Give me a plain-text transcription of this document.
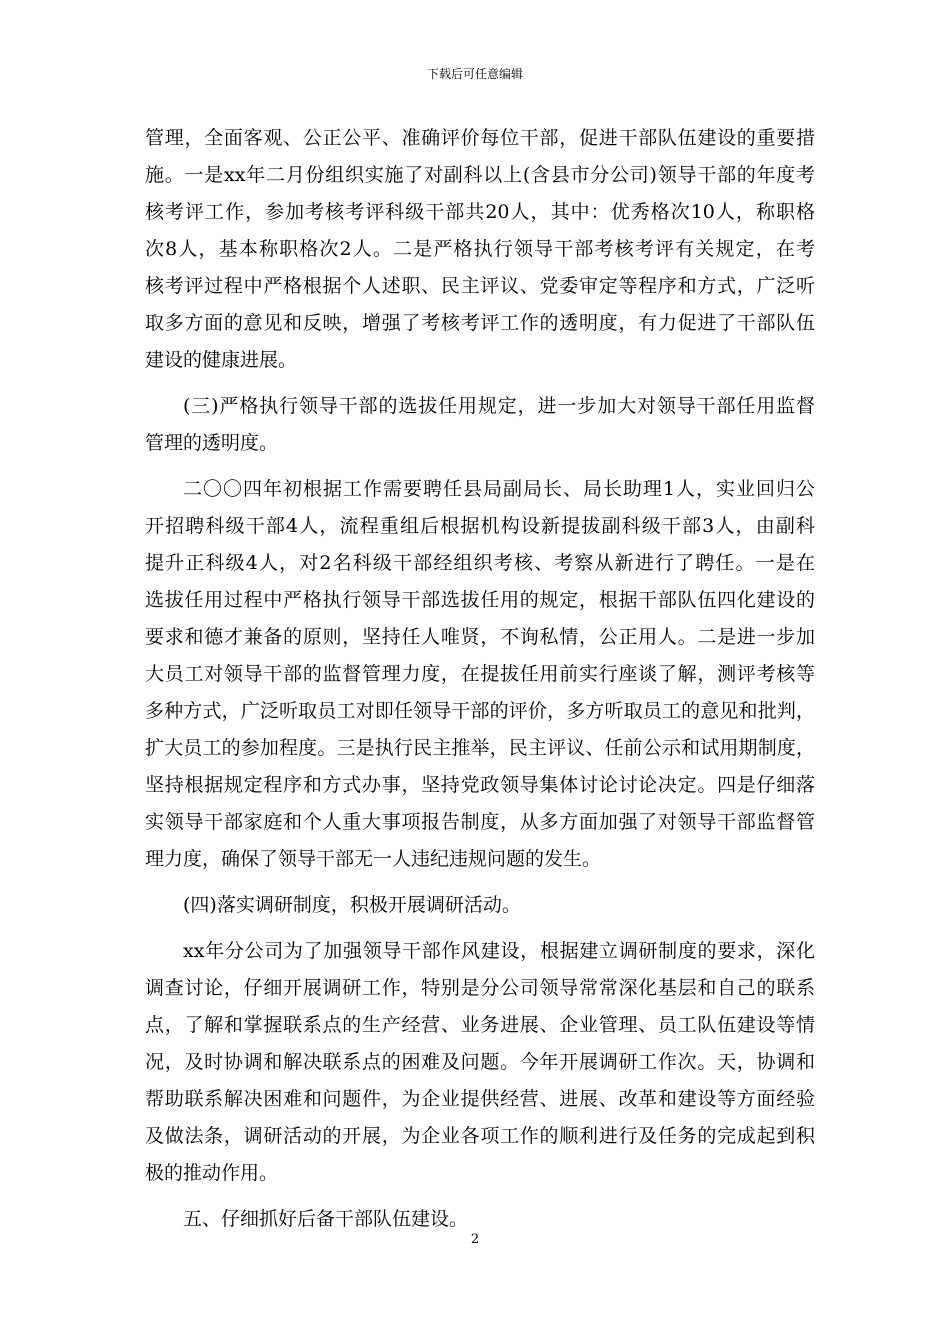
下载后可任意编辑
管理，全面客观、公正公平、准确评价每位干部，促进干部队伍建设的重要措
施。一是xx年二月份组织实施了对副科以上(含县市分公司)领导干部的年度考
核考评工作，参加考核考评科级干部共20人，其中：优秀格次10人，称职格
次8人，基本称职格次2人。二是严格执行领导干部考核考评有关规定，在考
核考评过程中严格根据个人述职、民主评议、党委审定等程序和方式，广泛听
取多方面的意见和反映，增强了考核考评工作的透明度，有力促进了干部队伍
建设的健康进展。
(三)严格执行领导干部的选拔任用规定，进一步加大对领导干部任用监督
管理的透明度。
二〇〇四年初根据工作需要聘任县局副局长、局长助理1人，实业回归公
开招聘科级干部4人，流程重组后根据机构设新提拔副科级干部3人，由副科
提升正科级4人，对2名科级干部经组织考核、考察从新进行了聘任。一是在
选拔任用过程中严格执行领导干部选拔任用的规定，根据干部队伍四化建设的
要求和德才兼备的原则，坚持任人唯贤，不询私情，公正用人。二是进一步加
大员工对领导干部的监督管理力度，在提拔任用前实行座谈了解，测评考核等
多种方式，广泛听取员工对即任领导干部的评价，多方听取员工的意见和批判，
扩大员工的参加程度。三是执行民主推举，民主评议、任前公示和试用期制度，
坚持根据规定程序和方式办事，坚持党政领导集体讨论讨论决定。四是仔细落
实领导干部家庭和个人重大事项报告制度，从多方面加强了对领导干部监督管
理力度，确保了领导干部无一人违纪违规问题的发生。
(四)落实调研制度，积极开展调研活动。
xx年分公司为了加强领导干部作风建设，根据建立调研制度的要求，深化
调查讨论，仔细开展调研工作，特别是分公司领导常常深化基层和自己的联系
点，了解和掌握联系点的生产经营、业务进展、企业管理、员工队伍建设等情
况，及时协调和解决联系点的困难及问题。今年开展调研工作次。天，协调和
帮助联系解决困难和问题件，为企业提供经营、进展、改革和建设等方面经验
及做法条，调研活动的开展，为企业各项工作的顺利进行及任务的完成起到积
极的推动作用。
五、仔细抓好后备干部队伍建设。
2
